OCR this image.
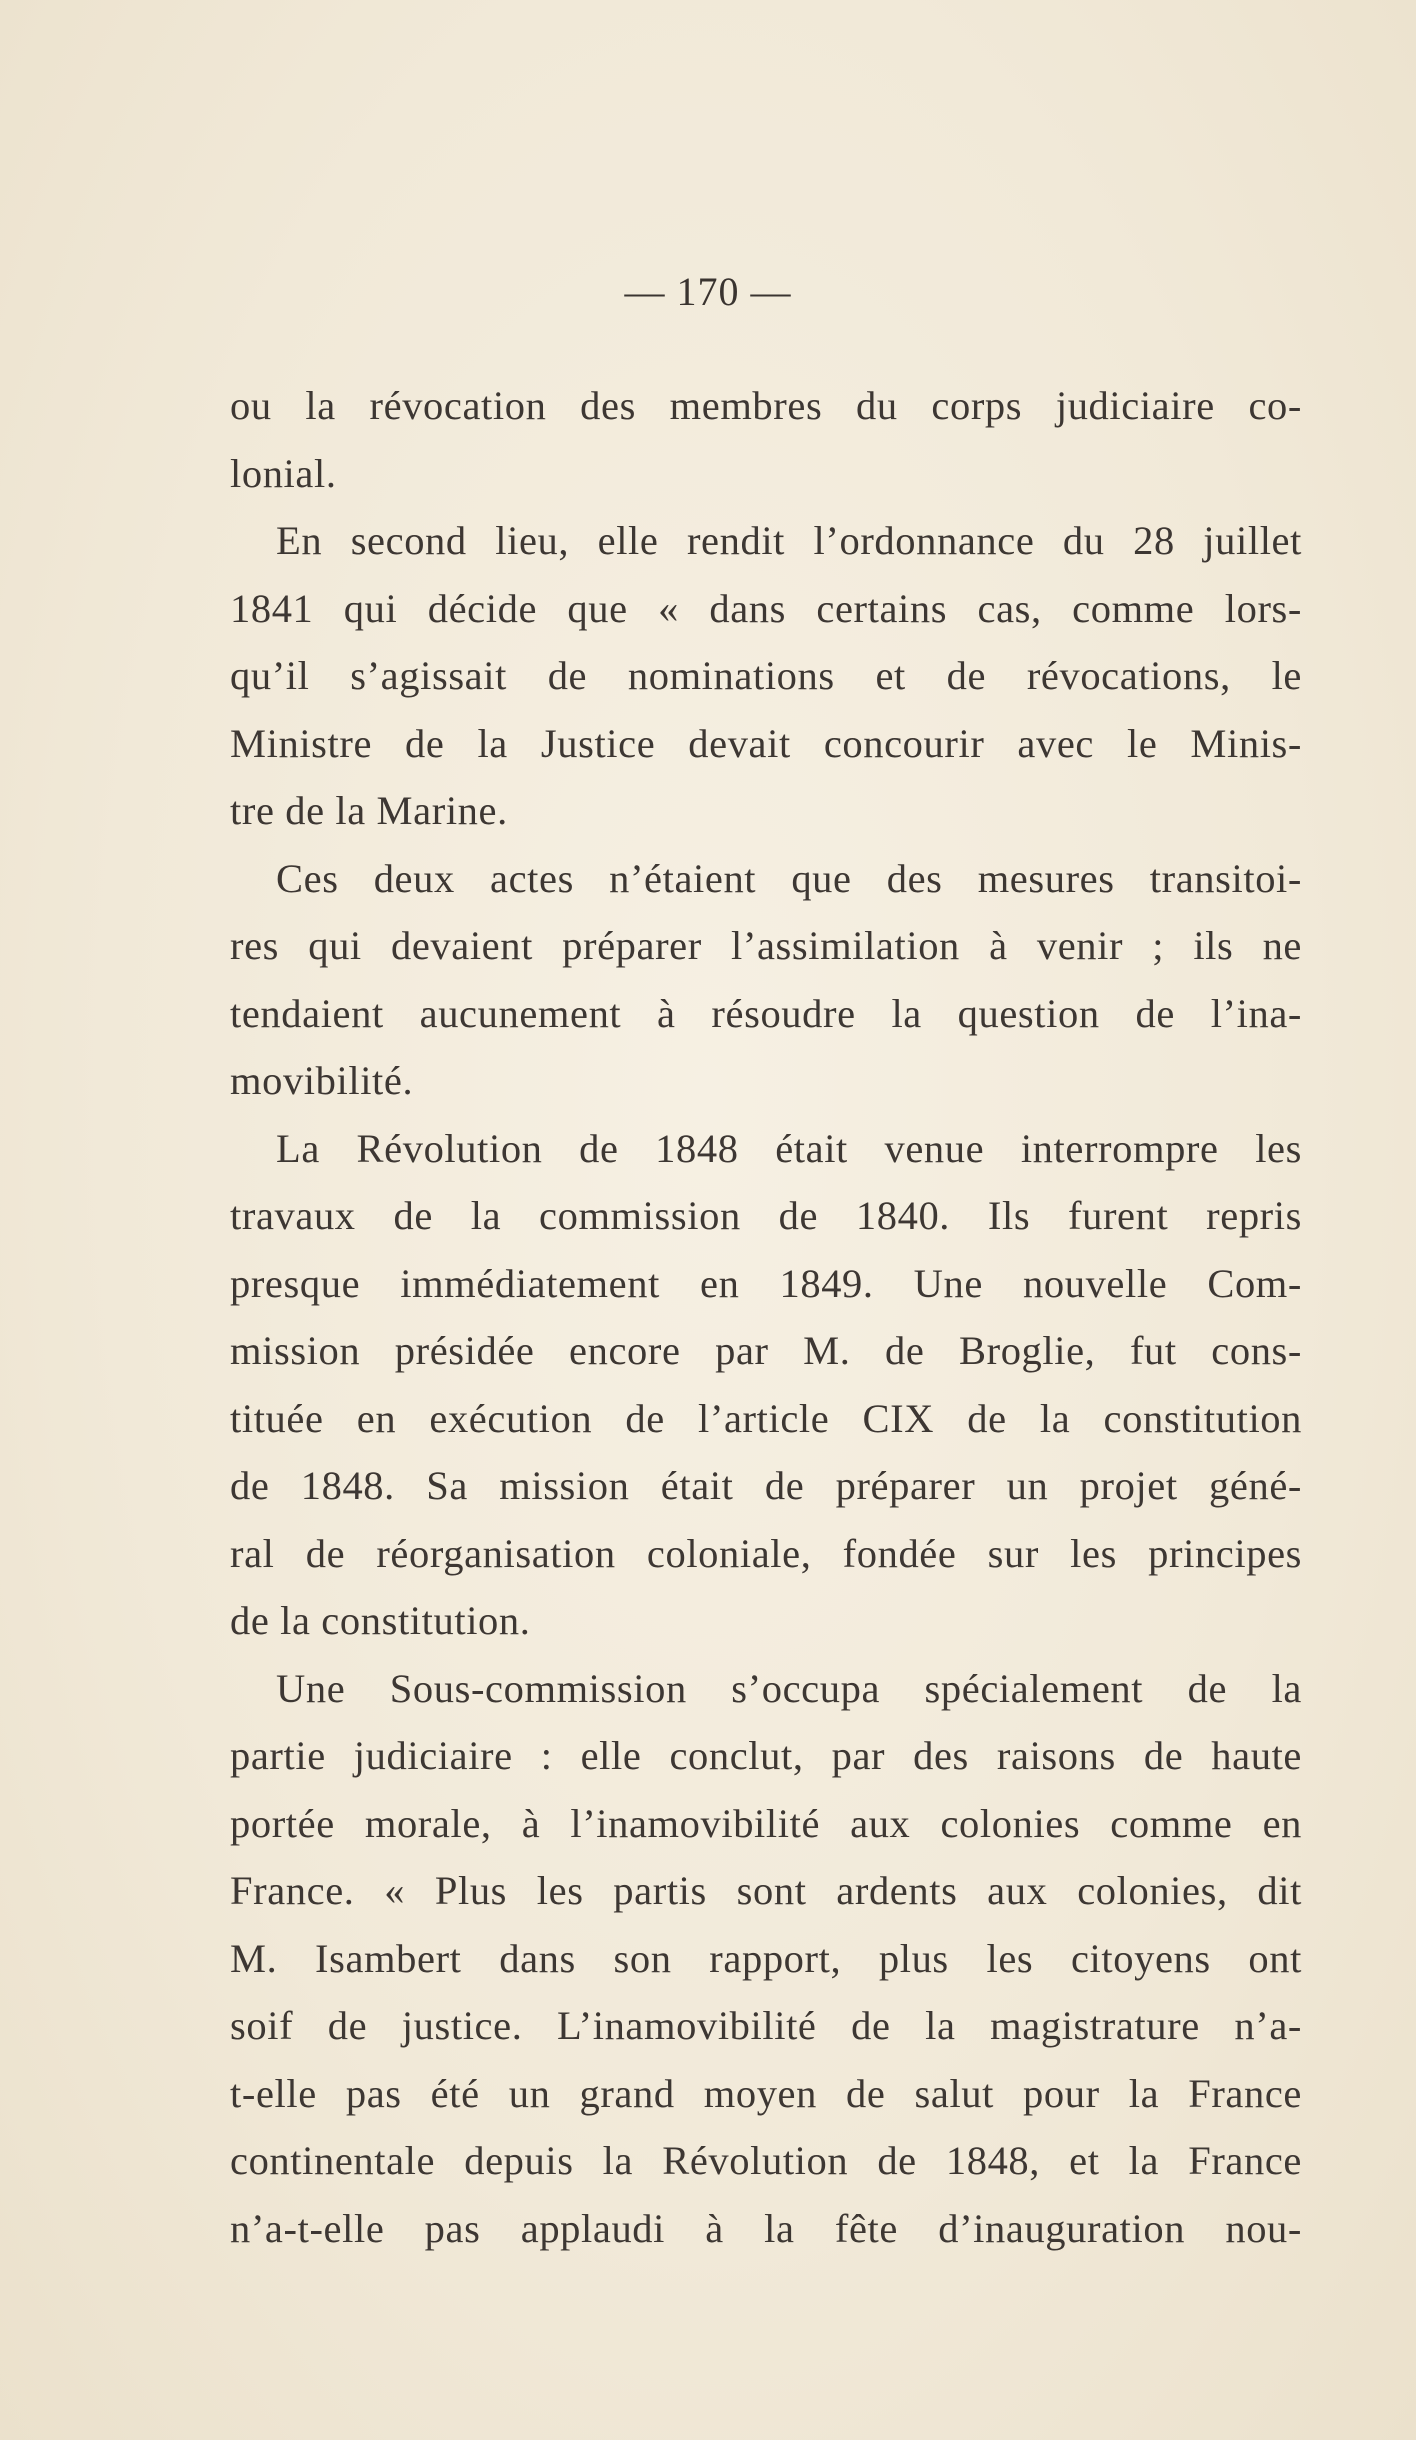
— 170 —
ou la révocation des membres du corps judiciaire co-
lonial.
En second lieu, elle rendit l’ordonnance du 28 juillet
1841 qui décide que « dans certains cas, comme lors-
qu’il s’agissait de nominations et de révocations, le
Ministre de la Justice devait concourir avec le Minis-
tre de la Marine.
Ces deux actes n’étaient que des mesures transitoi-
res qui devaient préparer l’assimilation à venir ; ils ne
tendaient aucunement à résoudre la question de l’ina-
movibilité.
La Révolution de 1848 était venue interrompre les
travaux de la commission de 1840. Ils furent repris
presque immédiatement en 1849. Une nouvelle Com-
mission présidée encore par M. de Broglie, fut cons-
tituée en exécution de l’article CIX de la constitution
de 1848. Sa mission était de préparer un projet géné-
ral de réorganisation coloniale, fondée sur les principes
de la constitution.
Une Sous-commission s’occupa spécialement de la
partie judiciaire : elle conclut, par des raisons de haute
portée morale, à l’inamovibilité aux colonies comme en
France. « Plus les partis sont ardents aux colonies, dit
M. Isambert dans son rapport, plus les citoyens ont
soif de justice. L’inamovibilité de la magistrature n’a-
t-elle pas été un grand moyen de salut pour la France
continentale depuis la Révolution de 1848, et la France
n’a-t-elle pas applaudi à la fête d’inauguration nou-
